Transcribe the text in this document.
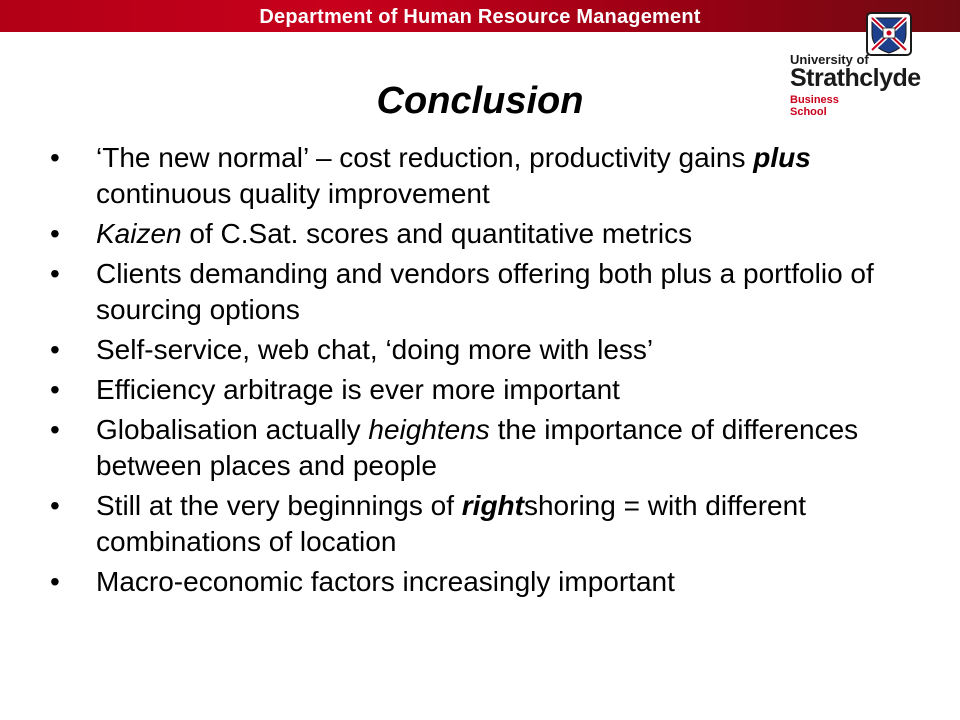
Department of Human Resource Management
University of
Strathclyde
Business
School
Conclusion
•	‘The new normal’ – cost reduction, productivity gains plus continuous quality improvement
•	Kaizen of C.Sat. scores and quantitative metrics
•	Clients demanding and vendors offering both plus a portfolio of sourcing options
•	Self-service, web chat, ‘doing more with less’
•	Efficiency arbitrage is ever more important
•	Globalisation actually heightens the importance of differences between places and people
•	Still at the very beginnings of rightshoring = with different combinations of location
•	Macro-economic factors increasingly important
